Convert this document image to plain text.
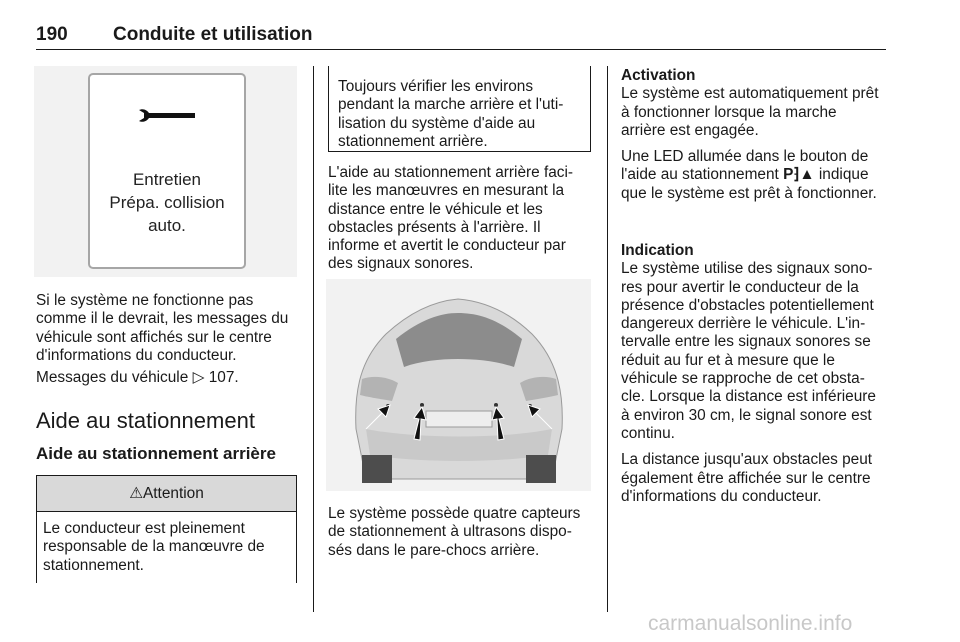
190 Conduite et utilisation
Entretien
Prépa. collision
auto.

Si le système ne fonctionne pas

comme il le devrait, les messages du

véhicule sont affichés sur le centre

d'informations du conducteur.

Messages du véhicule ▷ 107.

Aide au stationnement
Aide au stationnement arrière
⚠Attention

Le conducteur est pleinement

responsable de la manœuvre de

stationnement.

Toujours vérifier les environs

pendant la marche arrière et l'uti-

lisation du système d'aide au

stationnement arrière.

L'aide au stationnement arrière faci-

lite les manœuvres en mesurant la

distance entre le véhicule et les

obstacles présents à l'arrière. Il

informe et avertit le conducteur par

des signaux sonores.

Le système possède quatre capteurs

de stationnement à ultrasons dispo-

sés dans le pare-chocs arrière.

Activation

Le système est automatiquement prêt

à fonctionner lorsque la marche

arrière est engagée.

Une LED allumée dans le bouton de

l'aide au stationnement P⁆▲ indique

que le système est prêt à fonctionner.

Indication

Le système utilise des signaux sono-

res pour avertir le conducteur de la

présence d'obstacles potentiellement

dangereux derrière le véhicule. L'in-

tervalle entre les signaux sonores se

réduit au fur et à mesure que le

véhicule se rapproche de cet obsta-

cle. Lorsque la distance est inférieure

à environ 30 cm, le signal sonore est

continu.

La distance jusqu'aux obstacles peut

également être affichée sur le centre

d'informations du conducteur.

carmanualsonline.info
